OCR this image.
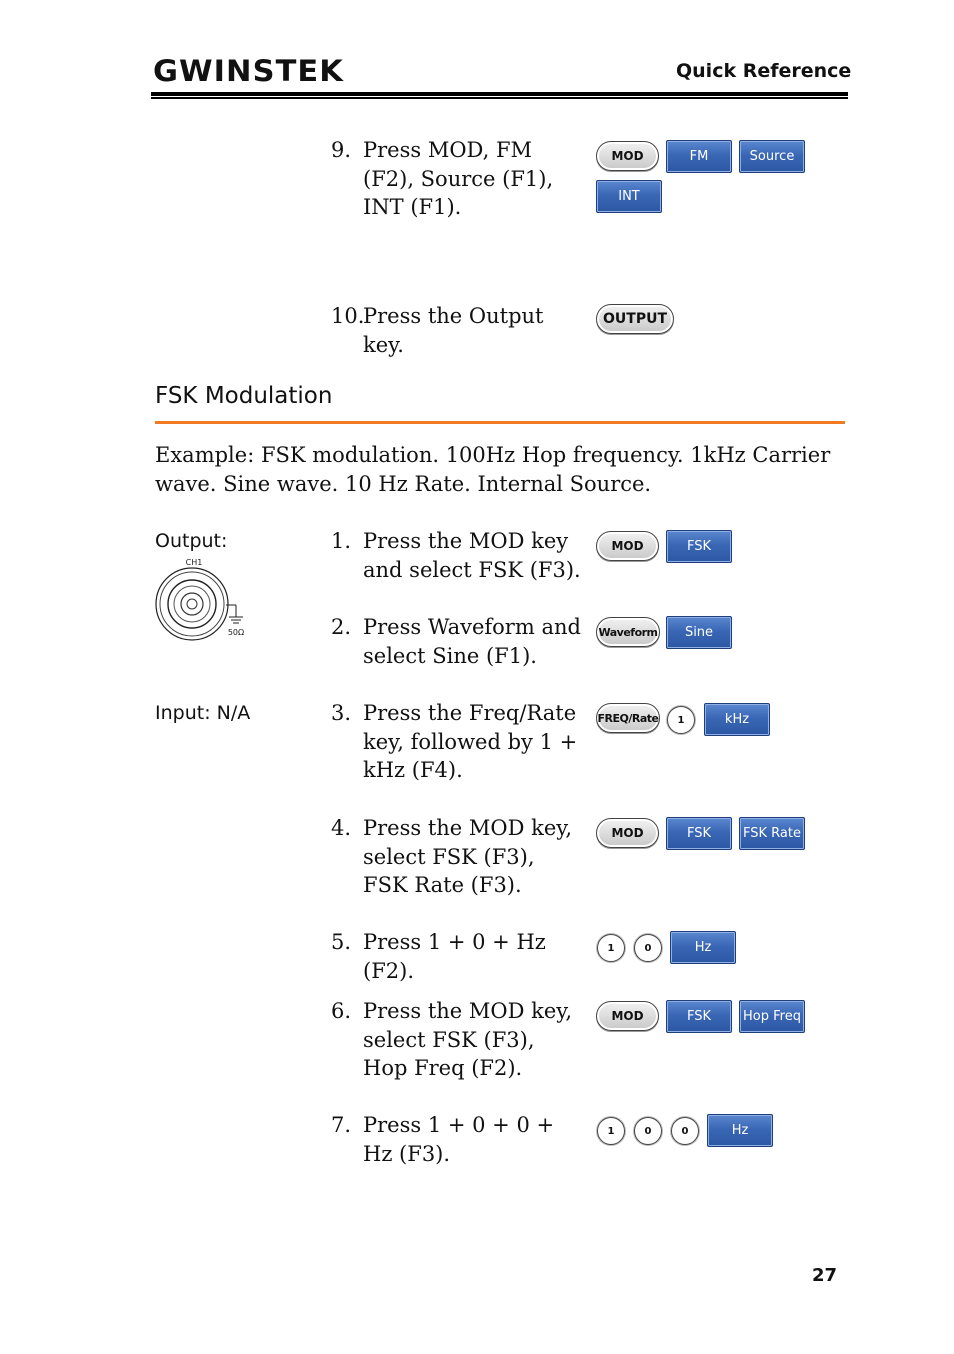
GWINSTEK	Quick Reference
9. Press MOD, FM (F2), Source (F1), INT (F1).
MOD	FM	Source
INT
10.
Press the Output key.
OUTPUT
FSK Modulation
Example: FSK modulation. 100Hz Hop frequency. 1kHz Carrier wave. Sine wave. 10 Hz Rate. Internal Source.
Output:
CH1
50Ω
Input: N/A
1. Press the MOD key and select FSK (F3).
MOD	FSK
2. Press Waveform and select Sine (F1).
Waveform	Sine
3. Press the Freq/Rate key, followed by 1 + kHz (F4).
FREQ/Rate	1	kHz
4. Press the MOD key, select FSK (F3), FSK Rate (F3).
MOD	FSK	FSK Rate
5. Press 1 + 0 + Hz (F2).
1	0	Hz
6. Press the MOD key, select FSK (F3), Hop Freq (F2).
MOD	FSK	Hop Freq
7. Press 1 + 0 + 0 + Hz (F3).
1	0	0	Hz
27
